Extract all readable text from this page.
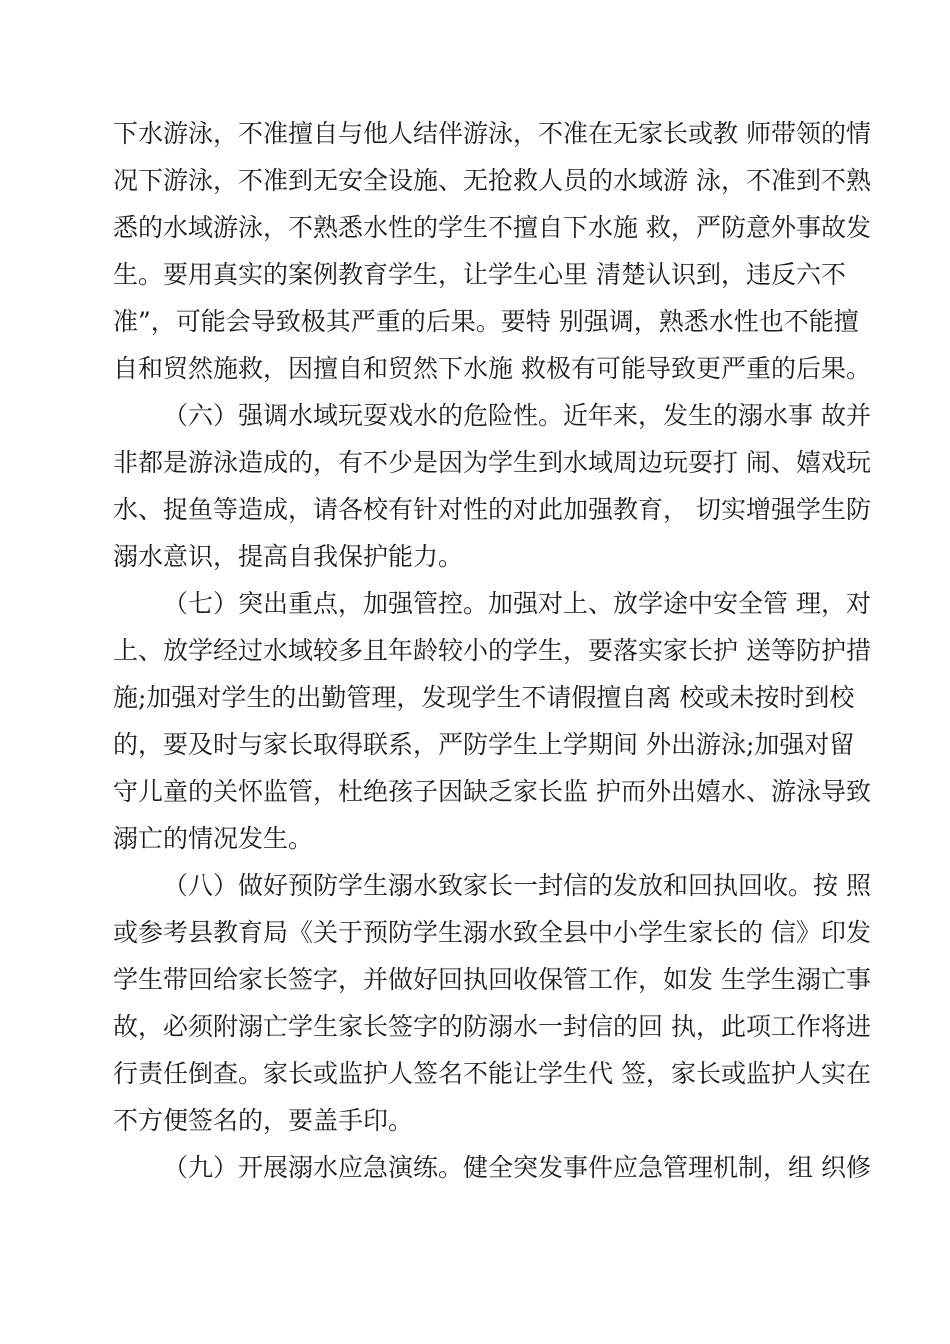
下水游泳，不准擅自与他人结伴游泳，不准在无家长或教 师带领的情
况下游泳，不准到无安全设施、无抢救人员的水域游 泳，不准到不熟
悉的水域游泳，不熟悉水性的学生不擅自下水施 救，严防意外事故发
生。要用真实的案例教育学生，让学生心里 清楚认识到，违反六不
准”，可能会导致极其严重的后果。要特 别强调，熟悉水性也不能擅
自和贸然施救，因擅自和贸然下水施 救极有可能导致更严重的后果。
（六）强调水域玩耍戏水的危险性。近年来，发生的溺水事 故并
非都是游泳造成的，有不少是因为学生到水域周边玩耍打 闹、嬉戏玩
水、捉鱼等造成，请各校有针对性的对此加强教育， 切实增强学生防
溺水意识，提高自我保护能力。
（七）突出重点，加强管控。加强对上、放学途中安全管 理，对
上、放学经过水域较多且年龄较小的学生，要落实家长护 送等防护措
施;加强对学生的出勤管理，发现学生不请假擅自离 校或未按时到校
的，要及时与家长取得联系，严防学生上学期间 外出游泳;加强对留
守儿童的关怀监管，杜绝孩子因缺乏家长监 护而外出嬉水、游泳导致
溺亡的情况发生。
（八）做好预防学生溺水致家长一封信的发放和回执回收。按 照
或参考县教育局《关于预防学生溺水致全县中小学生家长的 信》印发
学生带回给家长签字，并做好回执回收保管工作，如发 生学生溺亡事
故，必须附溺亡学生家长签字的防溺水一封信的回 执，此项工作将进
行责任倒查。家长或监护人签名不能让学生代 签，家长或监护人实在
不方便签名的，要盖手印。
（九）开展溺水应急演练。健全突发事件应急管理机制，组 织修
